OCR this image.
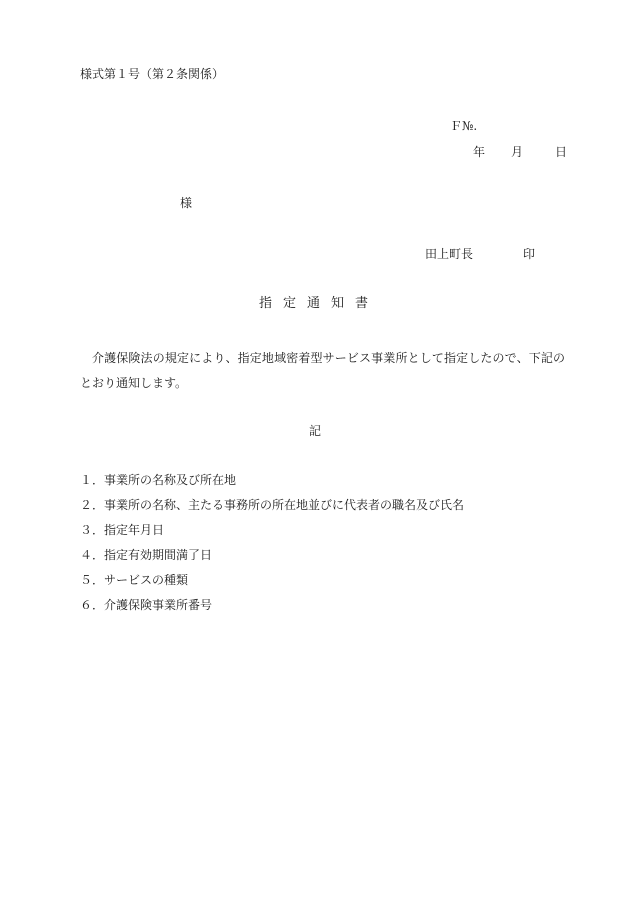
様式第１号（第２条関係）
Ｆ№.
年 月	日
様
田上町長	印
指定通知書

介護保険法の規定により、指定地域密着型サービス事業所として指定したので、下記のとおり通知します。

記
１．事業所の名称及び所在地
２．事業所の名称、主たる事務所の所在地並びに代表者の職名及び氏名
３．指定年月日
４．指定有効期間満了日
５．サービスの種類
６．介護保険事業所番号
